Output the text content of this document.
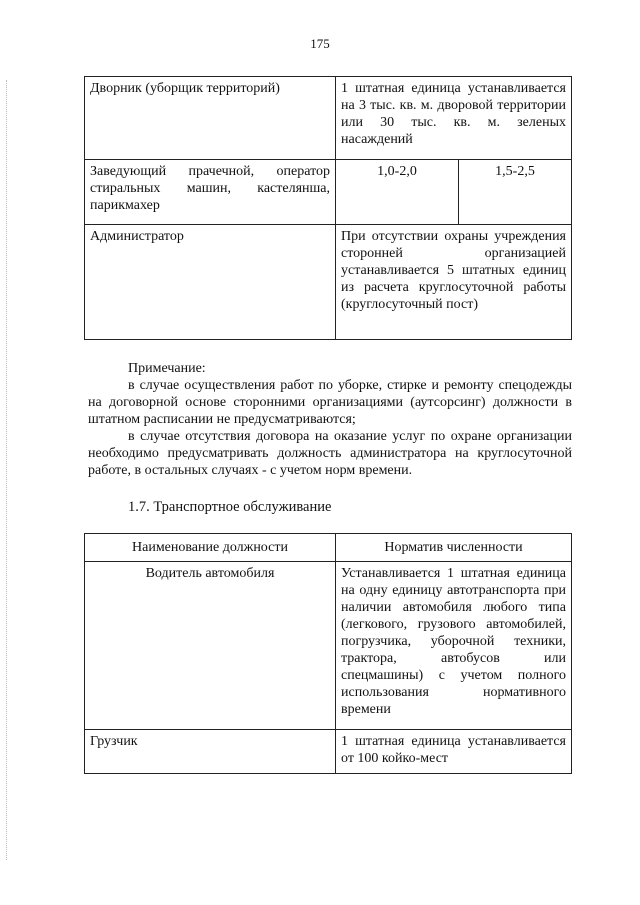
175
Дворник (уборщик территорий)	1 штатная единица устанавливается на 3 тыс. кв. м. дворовой территории или 30 тыс. кв. м. зеленых насаждений	
Заведующий прачечной, оператор стиральных машин, кастелянша, парикмахер	1,0-2,0	1,5-2,5
Администратор	При отсутствии охраны учреждения сторонней организацией устанавливается 5 штатных единиц из расчета круглосуточной работы (круглосуточный пост)	

Примечание:

в случае осуществления работ по уборке, стирке и ремонту спецодежды на договорной основе сторонними организациями (аутсорсинг) должности в штатном расписании не предусматриваются;

в случае отсутствия договора на оказание услуг по охране организации необходимо предусматривать должность администратора на круглосуточной работе, в остальных случаях - с учетом норм времени.

1.7. Транспортное обслуживание
Наименование должности	Норматив численности
Водитель автомобиля	Устанавливается 1 штатная единица на одну единицу автотранспорта при наличии автомобиля любого типа (легкового, грузового автомобилей, погрузчика, уборочной техники, трактора, автобусов или спецмашины) с учетом полного использования нормативного времени
Грузчик	1 штатная единица устанавливается от 100 койко-мест
